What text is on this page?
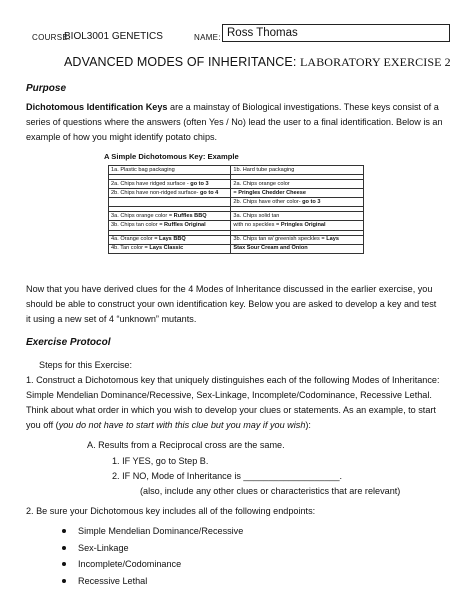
COURSE:
BIOL3001 GENETICS	NAME: Ross Thomas
ADVANCED MODES OF INHERITANCE: LABORATORY EXERCISE 2
Purpose
Dichotomous Identification Keys are a mainstay of Biological investigations. These keys consist of a
series of questions where the answers (often Yes / No) lead the user to a final identification. Below is an
example of how you might identify potato chips.
A Simple Dichotomous Key: Example
1a. Plastic bag packaging	1b. Hard tube packaging

2a. Chips have ridged surface - go to 3	2a. Chips orange color
2b. Chips have non-ridged surface- go to 4	= Pringles Chedder Cheese
	2b. Chips have other color- go to 3

3a. Chips orange color = Ruffles BBQ	3a. Chips solid tan
3b. Chips tan color = Ruffles Original	with no speckles = Pringles Original

4a. Orange color = Lays BBQ	3b. Chips tan w/ greenish speckles = Lays
4b. Tan color = Lays Classic	Stax Sour Cream and Onion
Now that you have derived clues for the 4 Modes of Inheritance discussed in the earlier exercise, you
should be able to construct your own identification key. Below you are asked to develop a key and test
it using a new set of 4 “unknown” mutants.
Exercise Protocol
Steps for this Exercise:
1. Construct a Dichotomous key that uniquely distinguishes each of the following Modes of Inheritance:
Simple Mendelian Dominance/Recessive, Sex-Linkage, Incomplete/Codominance, Recessive Lethal.
Think about what order in which you wish to develop your clues or statements. As an example, to start
you off (you do not have to start with this clue but you may if you wish):
A. Results from a Reciprocal cross are the same.
1. IF YES, go to Step B.
2. IF NO, Mode of Inheritance is ___________________.
(also, include any other clues or characteristics that are relevant)
2. Be sure your Dichotomous key includes all of the following endpoints:
Simple Mendelian Dominance/Recessive
Sex-Linkage
Incomplete/Codominance
Recessive Lethal
